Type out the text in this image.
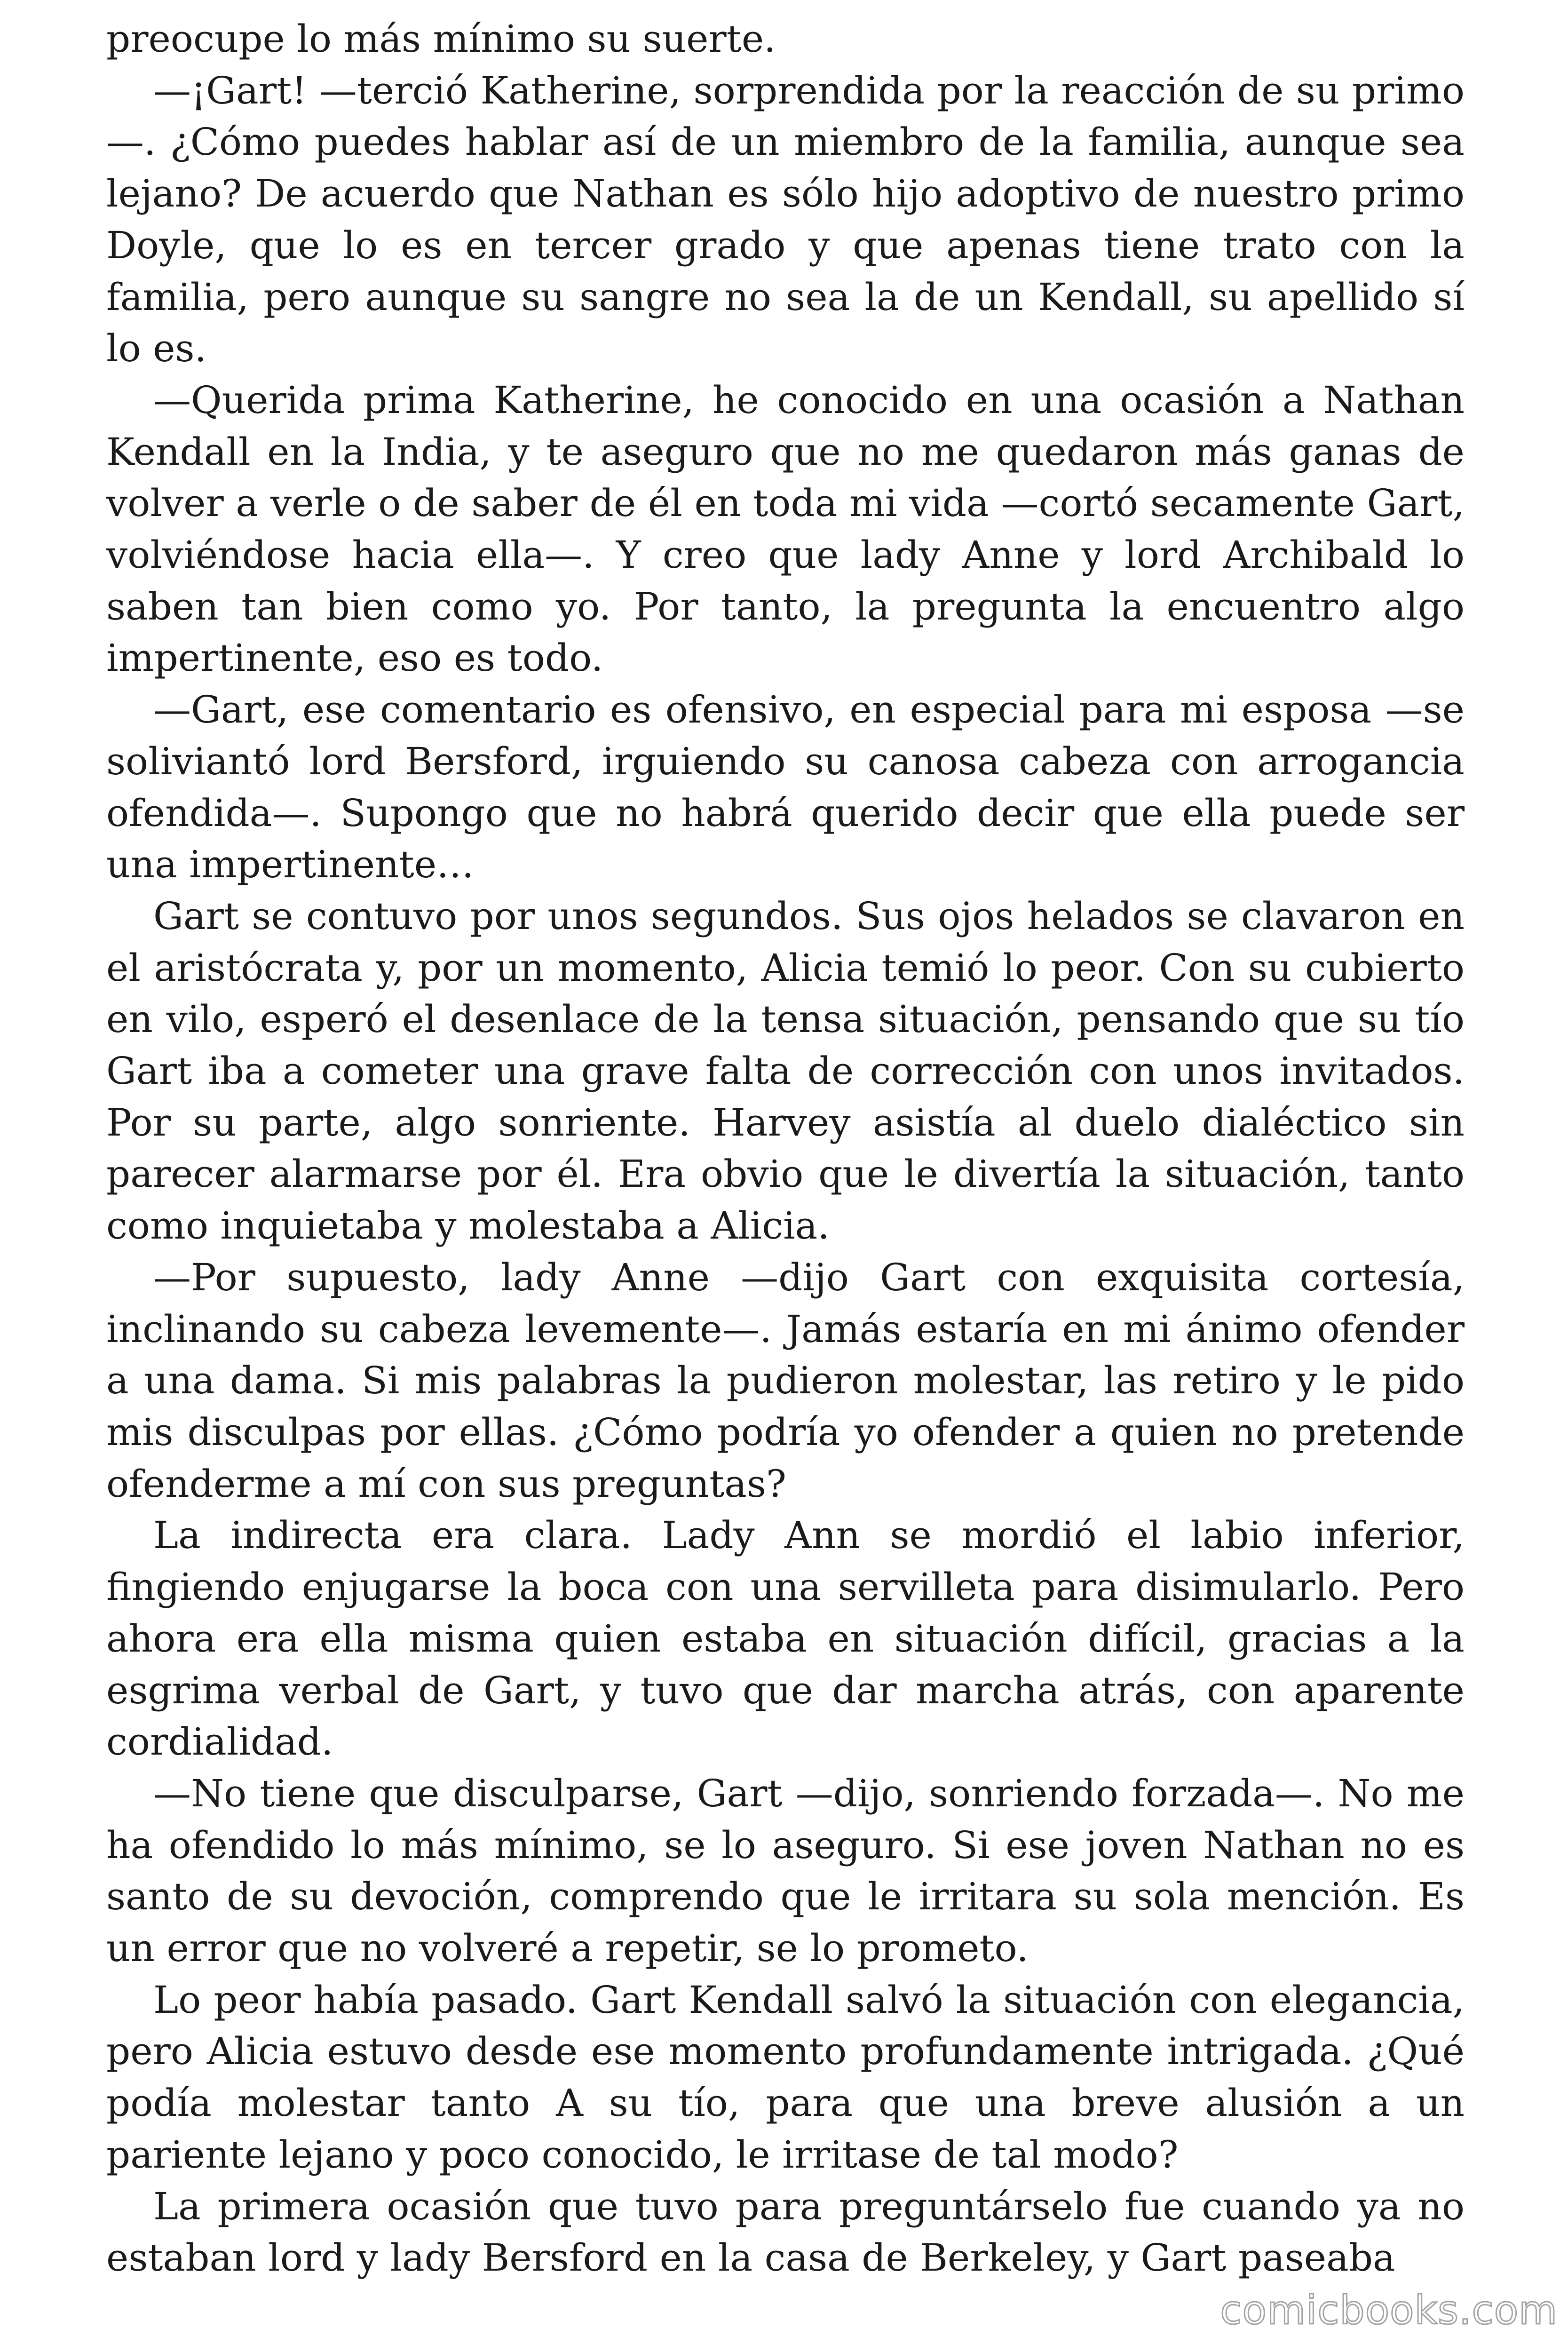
preocupe lo más mínimo su suerte.

—¡Gart! —terció Katherine, sorprendida por la reacción de su primo—. ¿Cómo puedes hablar así de un miembro de la familia, aunque sea lejano? De acuerdo que Nathan es sólo hijo adoptivo de nuestro primo Doyle, que lo es en tercer grado y que apenas tiene trato con la familia, pero aunque su sangre no sea la de un Kendall, su apellido sí lo es.

—Querida prima Katherine, he conocido en una ocasión a Nathan Kendall en la India, y te aseguro que no me quedaron más ganas de volver a verle o de saber de él en toda mi vida —cortó secamente Gart, volviéndose hacia ella—. Y creo que lady Anne y lord Archibald lo saben tan bien como yo. Por tanto, la pregunta la encuentro algo impertinente, eso es todo.

—Gart, ese comentario es ofensivo, en especial para mi esposa —se soliviantó lord Bersford, irguiendo su canosa cabeza con arrogancia ofendida—. Supongo que no habrá querido decir que ella puede ser una impertinente…

Gart se contuvo por unos segundos. Sus ojos helados se clavaron en el aristócrata y, por un momento, Alicia temió lo peor. Con su cubierto en vilo, esperó el desenlace de la tensa situación, pensando que su tío Gart iba a cometer una grave falta de corrección con unos invitados. Por su parte, algo sonriente. Harvey asistía al duelo dialéctico sin parecer alarmarse por él. Era obvio que le divertía la situación, tanto como inquietaba y molestaba a Alicia.

—Por supuesto, lady Anne —dijo Gart con exquisita cortesía, inclinando su cabeza levemente—. Jamás estaría en mi ánimo ofender a una dama. Si mis palabras la pudieron molestar, las retiro y le pido mis disculpas por ellas. ¿Cómo podría yo ofender a quien no pretende ofenderme a mí con sus preguntas?

La indirecta era clara. Lady Ann se mordió el labio inferior, fingiendo enjugarse la boca con una servilleta para disimularlo. Pero ahora era ella misma quien estaba en situación difícil, gracias a la esgrima verbal de Gart, y tuvo que dar marcha atrás, con aparente cordialidad.

—No tiene que disculparse, Gart —dijo, sonriendo forzada—. No me ha ofendido lo más mínimo, se lo aseguro. Si ese joven Nathan no es santo de su devoción, comprendo que le irritara su sola mención. Es un error que no volveré a repetir, se lo prometo.

Lo peor había pasado. Gart Kendall salvó la situación con elegancia, pero Alicia estuvo desde ese momento profundamente intrigada. ¿Qué podía molestar tanto A su tío, para que una breve alusión a un pariente lejano y poco conocido, le irritase de tal modo?

La primera ocasión que tuvo para preguntárselo fue cuando ya no estaban lord y lady Bersford en la casa de Berkeley, y Gart paseaba

comicbooks.com
